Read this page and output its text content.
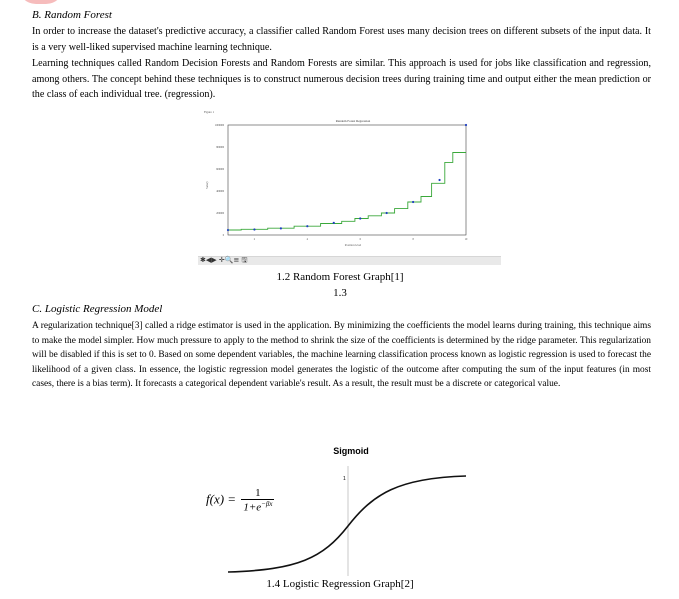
B. Random Forest
In order to increase the dataset's predictive accuracy, a classifier called Random Forest uses many decision trees on different subsets of the input data. It is a very well-liked supervised machine learning technique.
Learning techniques called Random Decision Forests and Random Forests are similar. This approach is used for jobs like classification and regression, among others. The concept behind these techniques is to construct numerous decision trees during training time and output either the mean prediction or the class of each individual tree. (regression).
Figure 1
Random Forest Regression
Position level
Salary
0
200000
400000
600000
800000
1000000
2	4	6	8	10
✱◀▶ ✛🔍≡ 🖫
1.2 Random Forest Graph[1]
1.3
C. Logistic Regression Model
A regularization technique[3] called a ridge estimator is used in the application. By minimizing the coefficients the model learns during training, this technique aims to make the model simpler. How much pressure to apply to the method to shrink the size of the coefficients is determined by the ridge parameter. This regularization will be disabled if this is set to 0. Based on some dependent variables, the machine learning classification process known as logistic regression is used to forecast the likelihood of a given class. In essence, the logistic regression model generates the logistic of the outcome after computing the sum of the input features (in most cases, there is a bias term). It forecasts a categorical dependent variable's result. As a result, the result must be a discrete or categorical value.
Sigmoid
1
$f(x) = \frac{1}{1+e^{-\beta x}}$
1.4 Logistic Regression Graph[2]
